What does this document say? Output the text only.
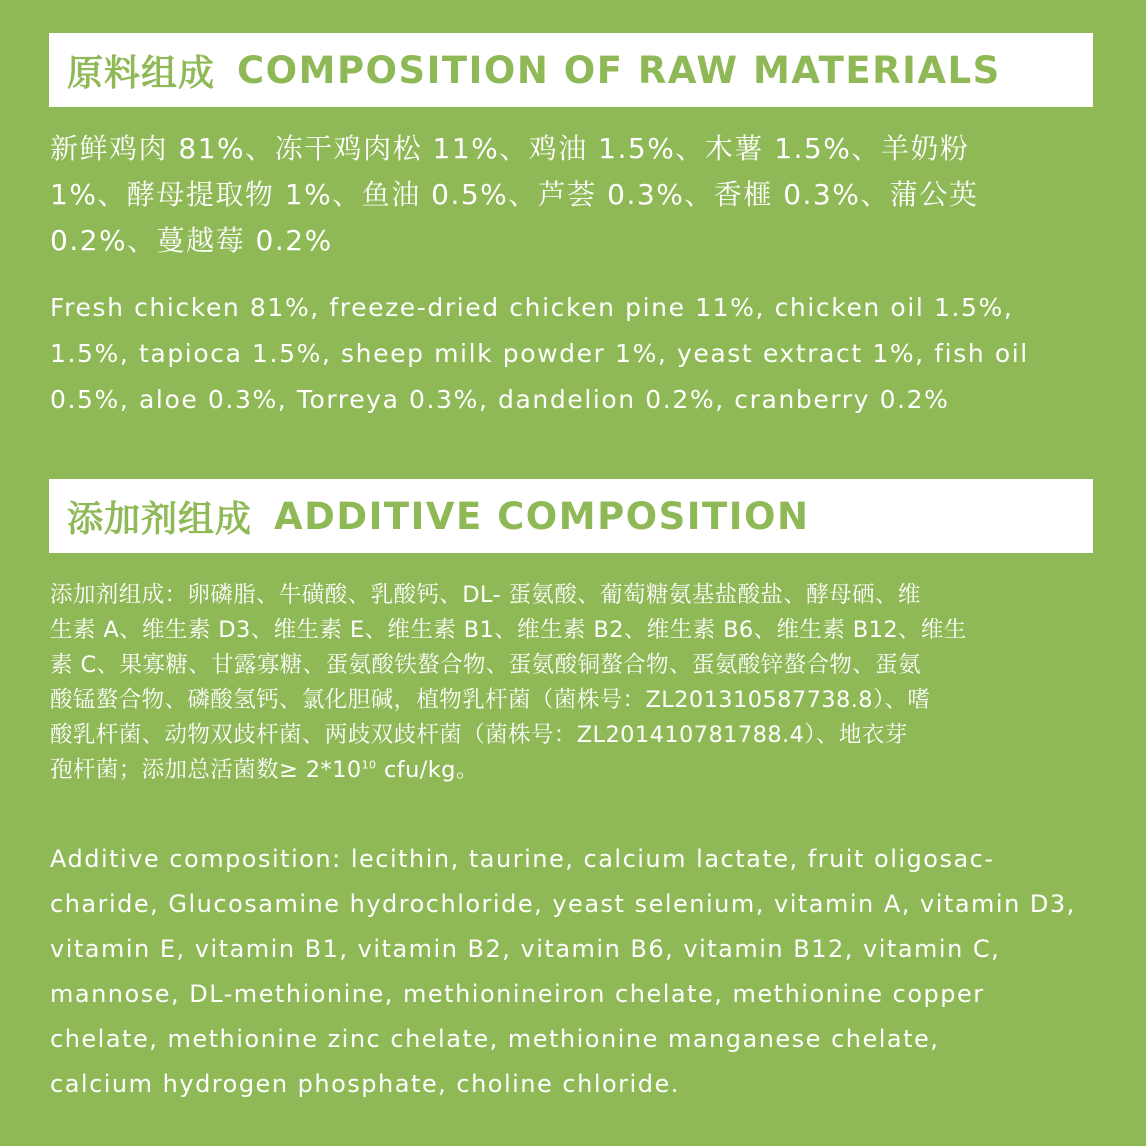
原料组成 COMPOSITION OF RAW MATERIALS
新鲜鸡肉 81%、冻干鸡肉松 11%、鸡油 1.5%、木薯 1.5%、羊奶粉
1%、酵母提取物 1%、鱼油 0.5%、芦荟 0.3%、香榧 0.3%、蒲公英
0.2%、蔓越莓 0.2%
Fresh chicken 81%, freeze-dried chicken pine 11%, chicken oil 1.5%,
1.5%, tapioca 1.5%, sheep milk powder 1%, yeast extract 1%, fish oil
0.5%, aloe 0.3%, Torreya 0.3%, dandelion 0.2%, cranberry 0.2%
添加剂组成 ADDITIVE COMPOSITION
添加剂组成：卵磷脂、牛磺酸、乳酸钙、DL- 蛋氨酸、葡萄糖氨基盐酸盐、酵母硒、维
生素 A、维生素 D3、维生素 E、维生素 B1、维生素 B2、维生素 B6、维生素 B12、维生
素 C、果寡糖、甘露寡糖、蛋氨酸铁螯合物、蛋氨酸铜螯合物、蛋氨酸锌螯合物、蛋氨
酸锰螯合物、磷酸氢钙、氯化胆碱，植物乳杆菌（菌株号：ZL201310587738.8）、嗜
酸乳杆菌、动物双歧杆菌、两歧双歧杆菌（菌株号：ZL201410781788.4）、地衣芽
孢杆菌；添加总活菌数≥ $2*10^{10}$ cfu/kg。
Additive composition: lecithin, taurine, calcium lactate, fruit oligosac-
charide, Glucosamine hydrochloride, yeast selenium, vitamin A, vitamin D3,
vitamin E, vitamin B1, vitamin B2, vitamin B6, vitamin B12, vitamin C,
mannose, DL-methionine, methionineiron chelate, methionine copper
chelate, methionine zinc chelate, methionine manganese chelate,
calcium hydrogen phosphate, choline chloride.
